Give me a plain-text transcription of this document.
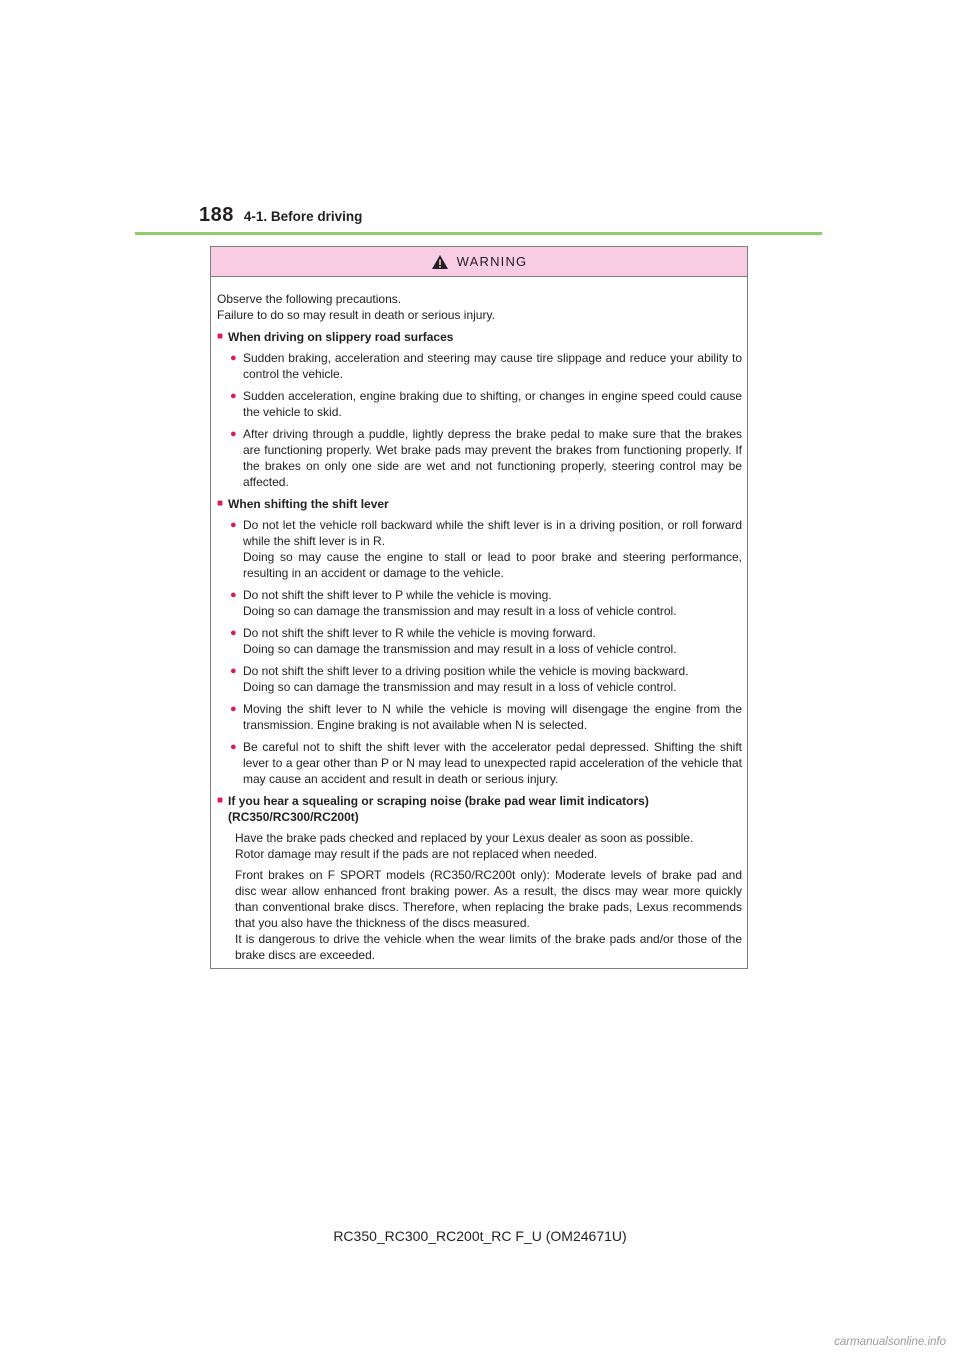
188 4-1. Before driving
WARNING

Observe the following precautions.

Failure to do so may result in death or serious injury.

■ When driving on slippery road surfaces
● Sudden braking, acceleration and steering may cause tire slippage and reduce your ability to control the vehicle.
● Sudden acceleration, engine braking due to shifting, or changes in engine speed could cause the vehicle to skid.
● After driving through a puddle, lightly depress the brake pedal to make sure that the brakes are functioning properly. Wet brake pads may prevent the brakes from functioning properly. If the brakes on only one side are wet and not functioning properly, steering control may be affected.
■ When shifting the shift lever
● Do not let the vehicle roll backward while the shift lever is in a driving position, or roll forward while the shift lever is in R.
Doing so may cause the engine to stall or lead to poor brake and steering performance, resulting in an accident or damage to the vehicle.
● Do not shift the shift lever to P while the vehicle is moving.
Doing so can damage the transmission and may result in a loss of vehicle control.
● Do not shift the shift lever to R while the vehicle is moving forward.
Doing so can damage the transmission and may result in a loss of vehicle control.
● Do not shift the shift lever to a driving position while the vehicle is moving backward.
Doing so can damage the transmission and may result in a loss of vehicle control.
● Moving the shift lever to N while the vehicle is moving will disengage the engine from the transmission. Engine braking is not available when N is selected.
● Be careful not to shift the shift lever with the accelerator pedal depressed. Shifting the shift lever to a gear other than P or N may lead to unexpected rapid acceleration of the vehicle that may cause an accident and result in death or serious injury.
■ If you hear a squealing or scraping noise (brake pad wear limit indicators) (RC350/RC300/RC200t)
Have the brake pads checked and replaced by your Lexus dealer as soon as possible.
Rotor damage may result if the pads are not replaced when needed.
Front brakes on F SPORT models (RC350/RC200t only): Moderate levels of brake pad and disc wear allow enhanced front braking power. As a result, the discs may wear more quickly than conventional brake discs. Therefore, when replacing the brake pads, Lexus recommends that you also have the thickness of the discs measured.
It is dangerous to drive the vehicle when the wear limits of the brake pads and/or those of the brake discs are exceeded.
RC350_RC300_RC200t_RC F_U (OM24671U)
carmanualsonline.info
